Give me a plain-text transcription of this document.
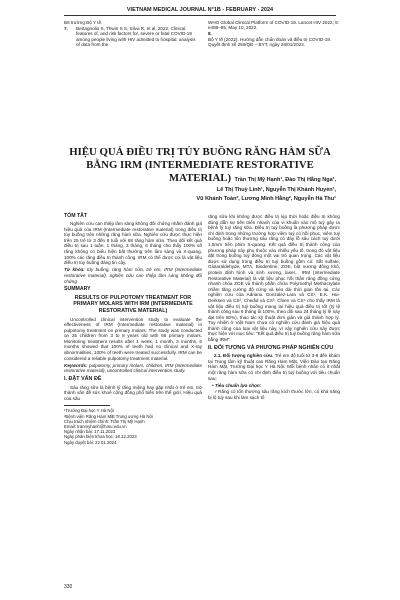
VIETNAM MEDICAL JOURNAL N°1B - FEBRUARY - 2024
B6 trưởng Bộ Y tế.
7. Bertagnolio S, Thwin S S, Silva R, et al. 2022. Clinical features of, and risk factors for, severe or fatal COVID-19 among people living with HIV admitted to hospital: analysis of data from the
WHO Global Clinical Platform of COVID-19. Lancet HIV 2022; 9: e486–95. May 10, 2022.
8.Bộ Y tế (2022). Hướng dẫn chẩn đoán và điều trị COVID-19. Quyết định số 250/QĐ – BYT, ngày 28/01/2022.
HIỆU QUẢ ĐIỀU TRỊ TỦY BUỒNG RĂNG HÀM SỮA BẰNG IRM (INTERMEDIATE RESTORATIVE MATERIAL) Trần Thị Mỹ Hạnh¹, Đào Thị Hằng Nga¹,
Lê Thị Thuỳ Linh¹, Nguyễn Thị Khánh Huyền¹,
Vũ Khánh Toàn², Lương Minh Hằng², Nguyễn Hà Thu¹
TÓM TẮT
Nghiên cứu can thiệp lâm sàng không đối chứng nhằm đánh giá hiệu quả của IRM (Intermediate restorative material) trong điều trị tủy buồng trên những răng hàm sữa. Nghiên cứu được thực hiện trên 25 trẻ từ 3 đến 8 tuổi với 68 răng hàm sữa. Theo dõi kết quả điều trị sau 1 tuần, 1 tháng, 3 tháng, 6 tháng cho thấy 100% số răng không có biểu hiện bất thường trên lâm sàng và X-quang, 100% các răng điều trị thành công. IRM có thể được coi là vật liệu điều trị tủy buồng đáng tin cậy.
Từ khóa: tủy buồng, răng hàm sữa, trẻ em, IRM (Intermediate restorative material), nghiên cứu can thiệp lâm sàng không đối chứng
SUMMARY
RESULTS OF PULPOTOMY TREATMENT FOR PRIMARY MOLARS WITH IRM (INTERMEDIATE RESTORATIVE MATERIAL)
Uncontrolled clinical intervention study to evaluate the effectiveness of IRM (Intermediate restorative material) in pulpotomy treatment on primary molars. The study was conducted on 25 children from 3 to 8 years old with 68 primary molars. Monitoring treatment results after 1 week, 1 month, 3 months, 6 months showed that 100% of teeth had no clinical and X-ray abnormalities, 100% of teeth were treated successfully. IRM can be considered a reliable pulpotomy treatment material.
Keywords: pulpotomy, primary molars, children, IRM (Intermediate restorative material), uncontrolled clinical intervention study.
I. ĐẶT VẤN ĐỀ
Sâu răng sữa là bệnh lý răng miệng hay gặp nhất ở trẻ em, trở thành vấn đề sức khoẻ cộng đồng phổ biến trên thế giới. Hiệu quả của sâu
¹Trường Đại học Y Hà Nội
²Bệnh viện Răng Hàm Mặt Trung ương Hà Nội
Chịu trách nhiệm chính: Trần Thị Mỹ Hạnh
Email: tranmyhanh@hmu.edu.vn
Ngày nhận bài: 17.11.2023
Ngày phản biện khoa học: 18.12.2023
Ngày duyệt bài: 22.01.2024
răng sữa khi không được điều trị kịp thời hoặc điều trị không đúng dẫn sự tiến triển nhanh của vi khuẩn vào mô tuỷ gây ra bệnh lý tuỷ răng sữa. Điều trị tuỷ buồng là phương pháp được chỉ định trong những trường hợp viêm tuỷ có hồi phục, viêm tuỷ buồng hoặc tổn thương sâu răng có đáy lỗ sâu cách tuỷ dưới 1,5mm trên phim X-quang. Kết quả điều trị thành công của phương pháp này phụ thuộc vào nhiều yếu tố, trong đó vật liệu đặt trong buồng tuỷ đóng một vai trò quan trọng. Các vật liệu được sử dụng trong điều trị tuỷ buồng gồm có: Sắt sulfate, Glutaraldehyde, MTA, Biodentine, ZOE, bột xương đông khô, protein định hình và sinh xương, laser... IRM (Intermediate Restorative Material) là vật liệu phục hồi thân răng đồng cứng nhanh chóa ZOE và thành phần chứa Polymethyl Methacrylate nhằm tăng cường độ cứng và kéo dài thời gian tồn tại. Các nghiên cứu của Adriana Gonzalez-Lara và CS¹, E.K. Hui-Derksen và CS², Chedid và CS³, Chien và CS⁴ cho thấy IRM là vật liệu điều trị tuỷ buồng mang lại hiệu quả điều trị tốt (tỷ lệ thành công sau 6 tháng là 100%, theo dõi sau 24 tháng tỷ lệ này đạt trên 80%), thao tác kỹ thuật đơn giản và giá thành hợp lý. Tuy nhiên ở Việt Nam chưa có nghiên cứu đánh giá hiệu quả thành công của loại vật liệu này, vì vậy nghiên cứu này được thực hiện với mục tiêu: "Kết quả điều trị tuỷ buồng răng hàm sữa bằng IRM".
II. ĐỐI TƯỢNG VÀ PHƯƠNG PHÁP NGHIÊN CỨU
2.1. Đối tượng nghiên cứu. Trẻ em độ tuổi từ 3-8 đến khám tại Trung tâm kỹ thuật cao Răng Hàm Mặt, Viện Đào tạo Răng Hàm Mặt, Trường Đại học Y Hà Nội. Mỗi bệnh nhân có ít nhất một răng hàm sữa có chỉ định điều trị tuỷ buồng với tiêu chuẩn sau:
• Tiêu chuẩn lựa chọn:
✓Răng có tổn thương sâu răng kích thước lớn, có khả năng bị lộ tuỷ sau khi làm sạch tổ
330
